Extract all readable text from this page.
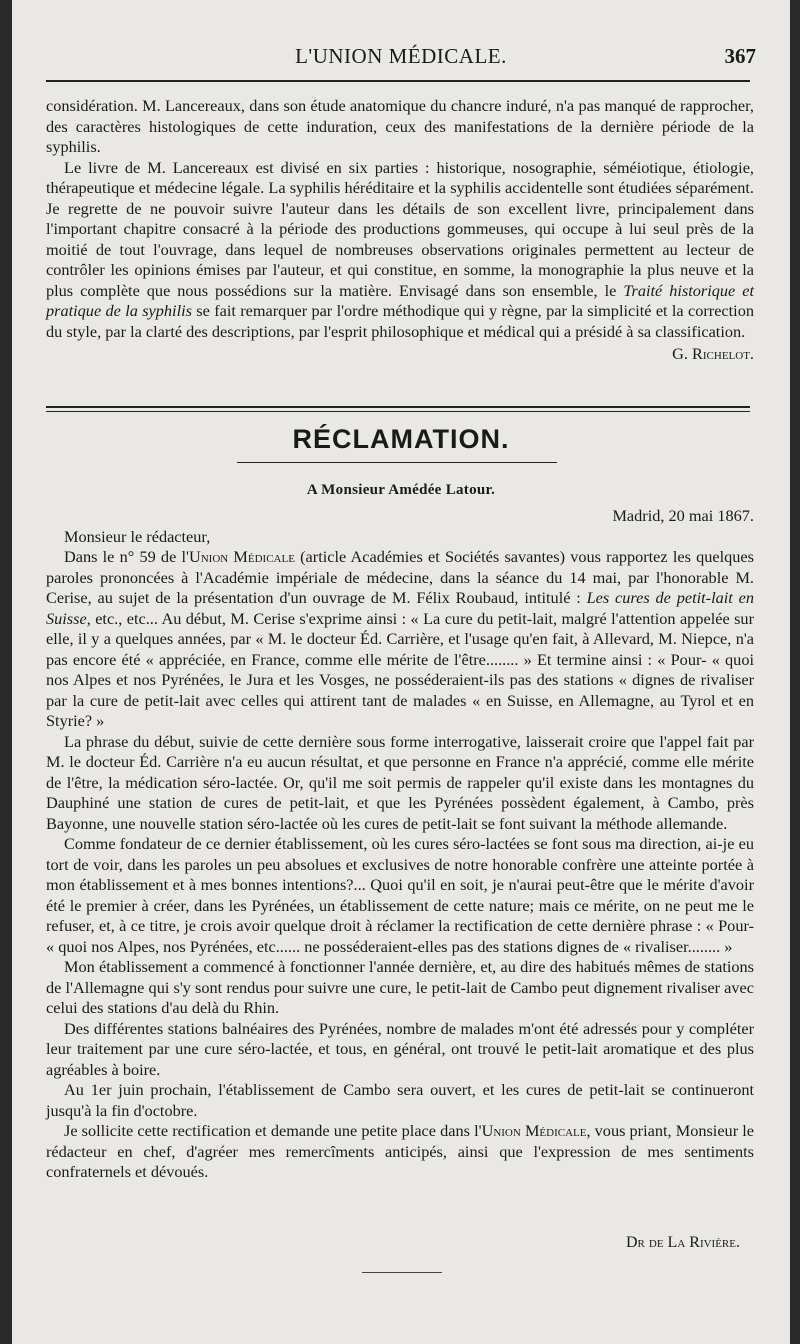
L'UNION MÉDICALE.	367

considération. M. Lancereaux, dans son étude anatomique du chancre induré, n'a pas manqué de rapprocher, des caractères histologiques de cette induration, ceux des manifestations de la dernière période de la syphilis.

Le livre de M. Lancereaux est divisé en six parties : historique, nosographie, séméiotique, étiologie, thérapeutique et médecine légale. La syphilis héréditaire et la syphilis accidentelle sont étudiées séparément. Je regrette de ne pouvoir suivre l'auteur dans les détails de son excellent livre, principalement dans l'important chapitre consacré à la période des productions gommeuses, qui occupe à lui seul près de la moitié de tout l'ouvrage, dans lequel de nombreuses observations originales permettent au lecteur de contrôler les opinions émises par l'auteur, et qui constitue, en somme, la monographie la plus neuve et la plus complète que nous possédions sur la matière. Envisagé dans son ensemble, le Traité historique et pratique de la syphilis se fait remarquer par l'ordre méthodique qui y règne, par la simplicité et la correction du style, par la clarté des descriptions, par l'esprit philosophique et médical qui a présidé à sa classification.

G. Richelot.
RÉCLAMATION.
A Monsieur Amédée Latour.

Madrid, 20 mai 1867.

Monsieur le rédacteur,

Dans le n° 59 de l'Union Médicale (article Académies et Sociétés savantes) vous rapportez les quelques paroles prononcées à l'Académie impériale de médecine, dans la séance du 14 mai, par l'honorable M. Cerise, au sujet de la présentation d'un ouvrage de M. Félix Roubaud, intitulé : Les cures de petit-lait en Suisse, etc., etc... Au début, M. Cerise s'exprime ainsi : « La cure du petit-lait, malgré l'attention appelée sur elle, il y a quelques années, par « M. le docteur Éd. Carrière, et l'usage qu'en fait, à Allevard, M. Niepce, n'a pas encore été « appréciée, en France, comme elle mérite de l'être........ » Et termine ainsi : « Pour- « quoi nos Alpes et nos Pyrénées, le Jura et les Vosges, ne posséderaient-ils pas des stations « dignes de rivaliser par la cure de petit-lait avec celles qui attirent tant de malades « en Suisse, en Allemagne, au Tyrol et en Styrie? »

La phrase du début, suivie de cette dernière sous forme interrogative, laisserait croire que l'appel fait par M. le docteur Éd. Carrière n'a eu aucun résultat, et que personne en France n'a apprécié, comme elle mérite de l'être, la médication séro-lactée. Or, qu'il me soit permis de rappeler qu'il existe dans les montagnes du Dauphiné une station de cures de petit-lait, et que les Pyrénées possèdent également, à Cambo, près Bayonne, une nouvelle station séro-lactée où les cures de petit-lait se font suivant la méthode allemande.

Comme fondateur de ce dernier établissement, où les cures séro-lactées se font sous ma direction, ai-je eu tort de voir, dans les paroles un peu absolues et exclusives de notre honorable confrère une atteinte portée à mon établissement et à mes bonnes intentions?... Quoi qu'il en soit, je n'aurai peut-être que le mérite d'avoir été le premier à créer, dans les Pyrénées, un établissement de cette nature; mais ce mérite, on ne peut me le refuser, et, à ce titre, je crois avoir quelque droit à réclamer la rectification de cette dernière phrase : « Pour- « quoi nos Alpes, nos Pyrénées, etc...... ne posséderaient-elles pas des stations dignes de « rivaliser........ »

Mon établissement a commencé à fonctionner l'année dernière, et, au dire des habitués mêmes de stations de l'Allemagne qui s'y sont rendus pour suivre une cure, le petit-lait de Cambo peut dignement rivaliser avec celui des stations d'au delà du Rhin.

Des différentes stations balnéaires des Pyrénées, nombre de malades m'ont été adressés pour y compléter leur traitement par une cure séro-lactée, et tous, en général, ont trouvé le petit-lait aromatique et des plus agréables à boire.

Au 1er juin prochain, l'établissement de Cambo sera ouvert, et les cures de petit-lait se continueront jusqu'à la fin d'octobre.

Je sollicite cette rectification et demande une petite place dans l'Union Médicale, vous priant, Monsieur le rédacteur en chef, d'agréer mes remercîments anticipés, ainsi que l'expression de mes sentiments confraternels et dévoués.

Dr de La Rivière.
